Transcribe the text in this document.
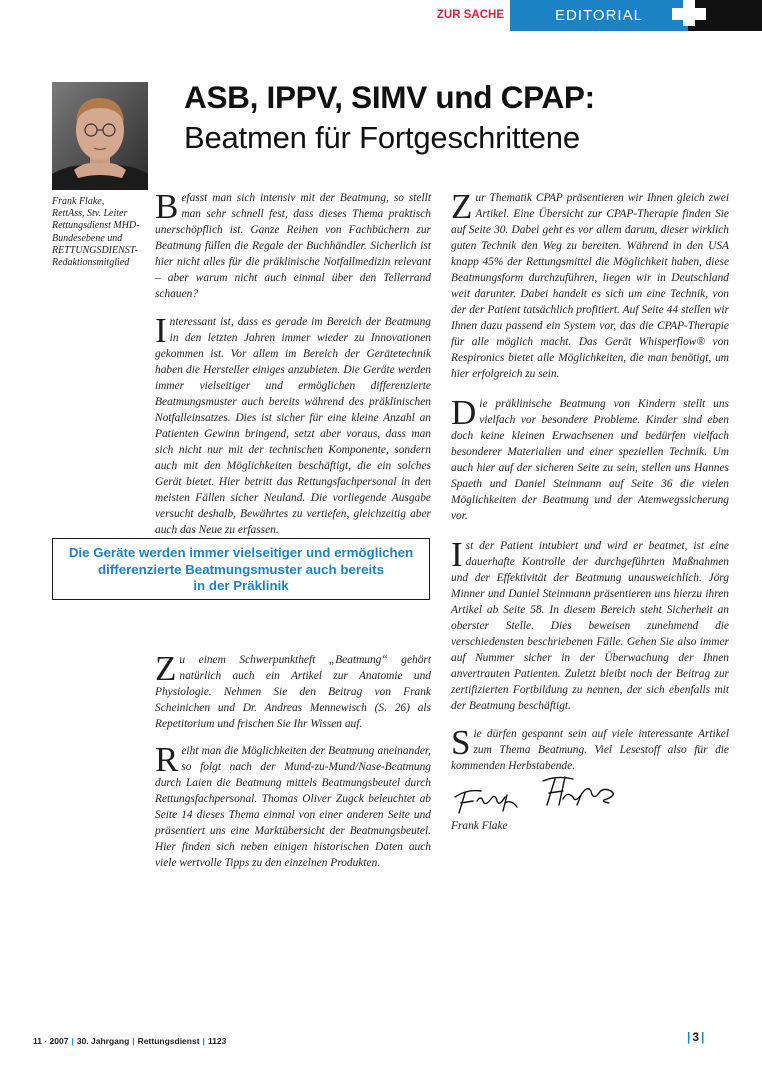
EDITORIAL
ZUR SACHE
Frank Flake,
RettAss, Stv. Leiter
Rettungsdienst MHD-
Bundesebene und
RETTUNGSDIENST-
Redaktionsmitglied
ASB, IPPV, SIMV und CPAP:
Beatmen für Fortgeschrittene

Befasst man sich intensiv mit der Beatmung, so stellt man sehr schnell fest, dass dieses Thema praktisch unerschöpflich ist. Ganze Reihen von Fachbüchern zur Beatmung füllen die Regale der Buchhändler. Sicherlich ist hier nicht alles für die präklinische Notfallmedizin relevant – aber warum nicht auch einmal über den Tellerrand schauen?

Interessant ist, dass es gerade im Bereich der Beatmung in den letzten Jahren immer wieder zu Innovationen gekommen ist. Vor allem im Bereich der Gerätetechnik haben die Hersteller einiges anzubieten. Die Geräte werden immer vielseitiger und ermöglichen differenzierte Beatmungsmuster auch bereits während des präklinischen Notfalleinsatzes. Dies ist sicher für eine kleine Anzahl an Patienten Gewinn bringend, setzt aber voraus, dass man sich nicht nur mit der technischen Komponente, sondern auch mit den Möglichkeiten beschäftigt, die ein solches Gerät bietet. Hier betritt das Rettungsfachpersonal in den meisten Fällen sicher Neuland. Die vorliegende Ausgabe versucht deshalb, Bewährtes zu vertiefen, gleichzeitig aber auch das Neue zu erfassen.

Zu einem Schwerpunktheft „Beatmung“ gehört natürlich auch ein Artikel zur Anatomie und Physiologie. Nehmen Sie den Beitrag von Frank Scheinichen und Dr. Andreas Mennewisch (S. 26) als Repetitorium und frischen Sie Ihr Wissen auf.

Reiht man die Möglichkeiten der Beatmung aneinander, so folgt nach der Mund-zu-Mund/Nase-Beatmung durch Laien die Beatmung mittels Beatmungsbeutel durch Rettungsfachpersonal. Thomas Oliver Zugck beleuchtet ab Seite 14 dieses Thema einmal von einer anderen Seite und präsentiert uns eine Marktübersicht der Beatmungsbeutel. Hier finden sich neben einigen historischen Daten auch viele wertvolle Tipps zu den einzelnen Produkten.

Die Geräte werden immer vielseitiger und ermöglichen
differenzierte Beatmungsmuster auch bereits
in der Präklinik

Zur Thematik CPAP präsentieren wir Ihnen gleich zwei Artikel. Eine Übersicht zur CPAP-Therapie finden Sie auf Seite 30. Dabei geht es vor allem darum, dieser wirklich guten Technik den Weg zu bereiten. Während in den USA knapp 45% der Rettungsmittel die Möglichkeit haben, diese Beatmungsform durchzuführen, liegen wir in Deutschland weit darunter. Dabei handelt es sich um eine Technik, von der der Patient tatsächlich profitiert. Auf Seite 44 stellen wir Ihnen dazu passend ein System vor, das die CPAP-Therapie für alle möglich macht. Das Gerät Whisperflow® von Respironics bietet alle Möglichkeiten, die man benötigt, um hier erfolgreich zu sein.

Die präklinische Beatmung von Kindern stellt uns vielfach vor besondere Probleme. Kinder sind eben doch keine kleinen Erwachsenen und bedürfen vielfach besonderer Materialien und einer speziellen Technik. Um auch hier auf der sicheren Seite zu sein, stellen uns Hannes Spaeth und Daniel Steinmann auf Seite 36 die vielen Möglichkeiten der Beatmung und der Atemwegssicherung vor.

Ist der Patient intubiert und wird er beatmet, ist eine dauerhafte Kontrolle der durchgeführten Maßnahmen und der Effektivität der Beatmung unausweichlich. Jörg Minner und Daniel Steinmann präsentieren uns hierzu ihren Artikel ab Seite 58. In diesem Bereich steht Sicherheit an oberster Stelle. Dies beweisen zunehmend die verschiedensten beschriebenen Fälle. Gehen Sie also immer auf Nummer sicher in der Überwachung der Ihnen anvertrauten Patienten. Zuletzt bleibt noch der Beitrag zur zertifizierten Fortbildung zu nennen, der sich ebenfalls mit der Beatmung beschäftigt.

Sie dürfen gespannt sein auf viele interessante Artikel zum Thema Beatmung. Viel Lesestoff also für die kommenden Herbstabende.

Frank Flake
11 · 2007 | 30. Jahrgang | Rettungsdienst | 1123	| 3 |
